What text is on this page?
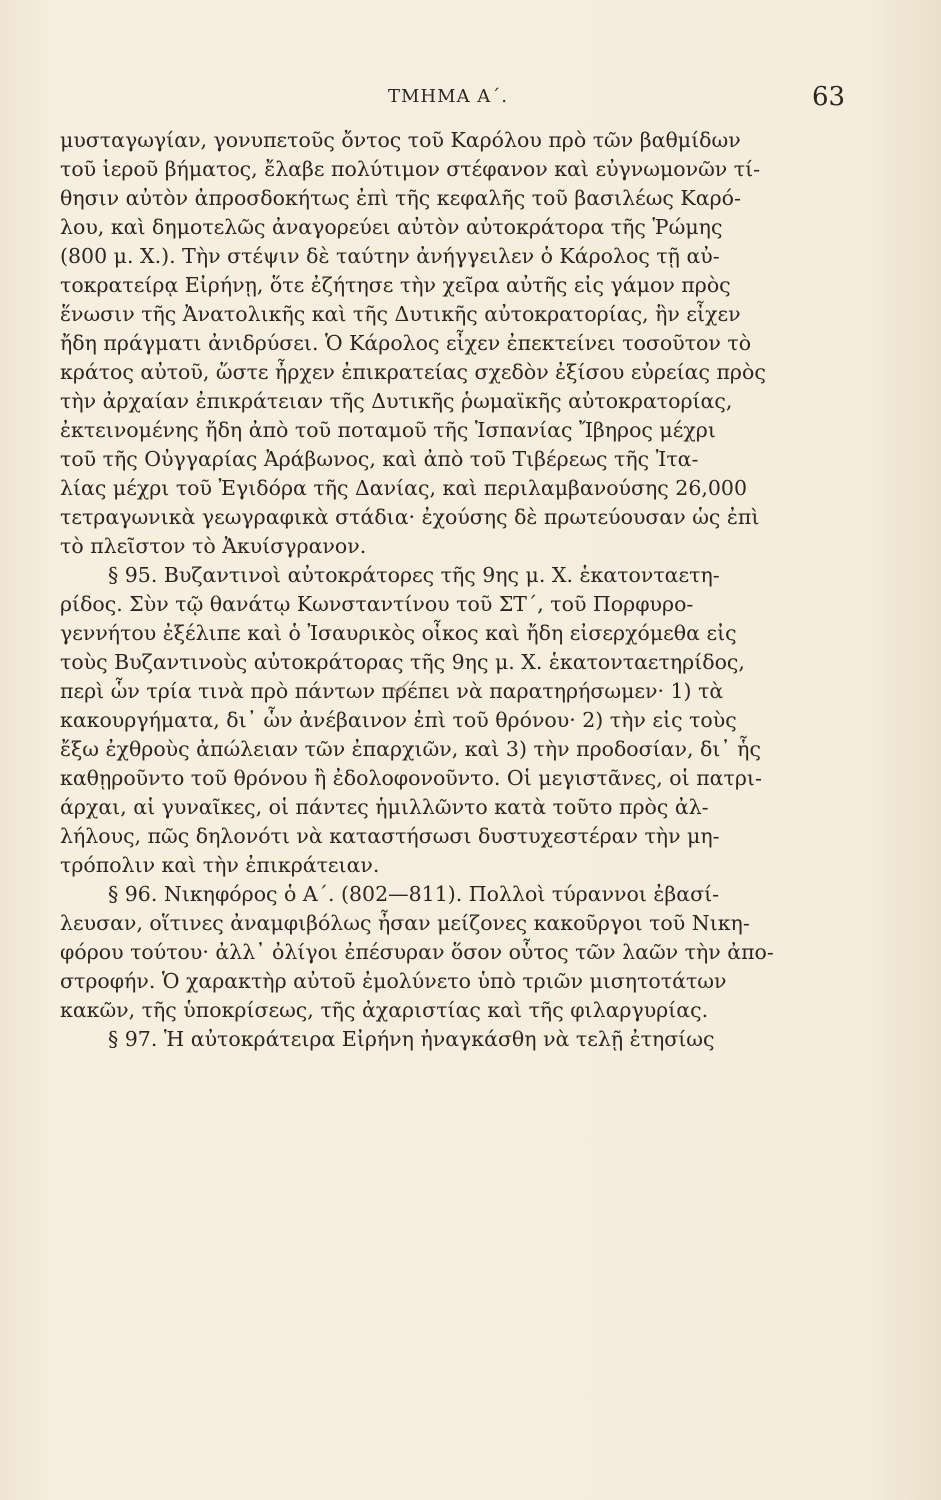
ΤΜΗΜΑ Α΄.	63
μυσταγωγίαν, γονυπετοῦς ὄντος τοῦ Καρόλου πρὸ τῶν βαθμίδων
τοῦ ἱεροῦ βήματος, ἔλαβε πολύτιμον στέφανον καὶ εὐγνωμονῶν τί-
θησιν αὐτὸν ἀπροσδοκήτως ἐπὶ τῆς κεφαλῆς τοῦ βασιλέως Καρό-
λου, καὶ δημοτελῶς ἀναγορεύει αὐτὸν αὐτοκράτορα τῆς Ῥώμης
(800 μ. Χ.). Τὴν στέψιν δὲ ταύτην ἀνήγγειλεν ὁ Κάρολος τῇ αὐ-
τοκρατείρᾳ Εἰρήνῃ, ὅτε ἐζήτησε τὴν χεῖρα αὐτῆς εἰς γάμον πρὸς
ἕνωσιν τῆς Ἀνατολικῆς καὶ τῆς Δυτικῆς αὐτοκρατορίας, ἣν εἶχεν
ἤδη πράγματι ἀνιδρύσει. Ὁ Κάρολος εἶχεν ἐπεκτείνει τοσοῦτον τὸ
κράτος αὐτοῦ, ὥστε ἦρχεν ἐπικρατείας σχεδὸν ἐξίσου εὐρείας πρὸς
τὴν ἀρχαίαν ἐπικράτειαν τῆς Δυτικῆς ῥωμαϊκῆς αὐτοκρατορίας,
ἐκτεινομένης ἤδη ἀπὸ τοῦ ποταμοῦ τῆς Ἱσπανίας Ἴβηρος μέχρι
τοῦ τῆς Οὐγγαρίας Ἀράβωνος, καὶ ἀπὸ τοῦ Τιβέρεως τῆς Ἰτα-
λίας μέχρι τοῦ Ἐγιδόρα τῆς Δανίας, καὶ περιλαμβανούσης 26,000
τετραγωνικὰ γεωγραφικὰ στάδια· ἐχούσης δὲ πρωτεύουσαν ὡς ἐπὶ
τὸ πλεῖστον τὸ Ἀκυίσγρανον.
§ 95. Βυζαντινοὶ αὐτοκράτορες τῆς 9ης μ. Χ. ἑκατονταετη-
ρίδος. Σὺν τῷ θανάτῳ Κωνσταντίνου τοῦ ΣΤ΄, τοῦ Πορφυρο-
γεννήτου ἐξέλιπε καὶ ὁ Ἰσαυρικὸς οἶκος καὶ ἤδη εἰσερχόμεθα εἰς
τοὺς Βυζαντινοὺς αὐτοκράτορας τῆς 9ης μ. Χ. ἑκατονταετηρίδος,
περὶ ὧν τρία τινὰ πρὸ πάντων πρέπει νὰ παρατηρήσωμεν· 1) τὰ
κακουργήματα, δι᾽ ὧν ἀνέβαινον ἐπὶ τοῦ θρόνου· 2) τὴν εἰς τοὺς
ἔξω ἐχθροὺς ἀπώλειαν τῶν ἐπαρχιῶν, καὶ 3) τὴν προδοσίαν, δι᾽ ἧς
καθῃροῦντο τοῦ θρόνου ἢ ἐδολοφονοῦντο. Οἱ μεγιστᾶνες, οἱ πατρι-
άρχαι, αἱ γυναῖκες, οἱ πάντες ἡμιλλῶντο κατὰ τοῦτο πρὸς ἀλ-
λήλους, πῶς δηλονότι νὰ καταστήσωσι δυστυχεστέραν τὴν μη-
τρόπολιν καὶ τὴν ἐπικράτειαν.
§ 96. Νικηφόρος ὁ Α΄. (802—811). Πολλοὶ τύραννοι ἐβασί-
λευσαν, οἵτινες ἀναμφιβόλως ἦσαν μείζονες κακοῦργοι τοῦ Νικη-
φόρου τούτου· ἀλλ᾽ ὀλίγοι ἐπέσυραν ὅσον οὗτος τῶν λαῶν τὴν ἀπο-
στροφήν. Ὁ χαρακτὴρ αὐτοῦ ἐμολύνετο ὑπὸ τριῶν μισητοτάτων
κακῶν, τῆς ὑποκρίσεως, τῆς ἀχαριστίας καὶ τῆς φιλαργυρίας.
§ 97. Ἡ αὐτοκράτειρα Εἰρήνη ἠναγκάσθη νὰ τελῇ ἐτησίως
